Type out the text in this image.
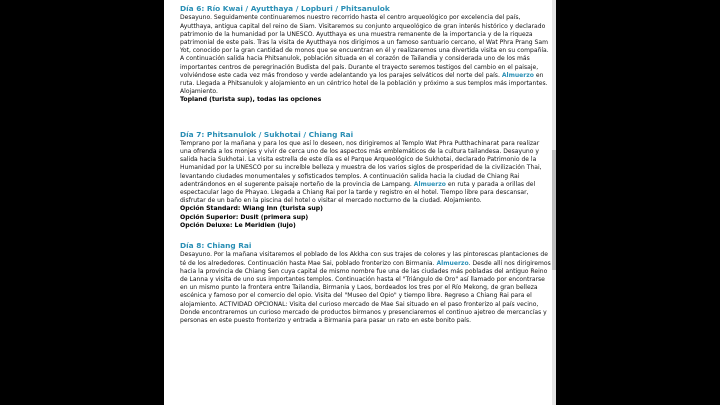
Día 6: Río Kwai / Ayutthaya / Lopburi / Phitsanulok

Desayuno. Seguidamente continuaremos nuestro recorrido hasta el centro arqueológico por excelencia del país, Ayutthaya, antigua capital del reino de Siam. Visitaremos su conjunto arqueológico de gran interés histórico y declarado patrimonio de la humanidad por la UNESCO. Ayutthaya es una muestra remanente de la importancia y de la riqueza patrimonial de este país. Tras la visita de Ayutthaya nos dirigimos a un famoso santuario cercano, el Wat Phra Prang Sam Yot, conocido por la gran cantidad de monos que se encuentran en él y realizaremos una divertida visita en su compañía. A continuación salida hacia Phitsanulok, población situada en el corazón de Tailandia y considerada uno de los más importantes centros de peregrinación Budista del país. Durante el trayecto seremos testigos del cambio en el paisaje, volviéndose este cada vez más frondoso y verde adelantando ya los parajes selváticos del norte del país. Almuerzo en ruta. Llegada a Phitsanulok y alojamiento en un céntrico hotel de la población y próximo a sus templos más importantes. Alojamiento.

Topland (turista sup), todas las opciones

Día 7: Phitsanulok / Sukhotai / Chiang Rai

Temprano por la mañana y para los que así lo deseen, nos dirigiremos al Templo Wat Phra Putthachinarat para realizar una ofrenda a los monjes y vivir de cerca uno de los aspectos más emblemáticos de la cultura tailandesa. Desayuno y salida hacia Sukhotai. La visita estrella de este día es el Parque Arqueológico de Sukhotai, declarado Patrimonio de la Humanidad por la UNESCO por su increíble belleza y muestra de los varios siglos de prosperidad de la civilización Thai, levantando ciudades monumentales y sofisticados templos. A continuación salida hacia la ciudad de Chiang Rai adentrándonos en el sugerente paisaje norteño de la provincia de Lampang. Almuerzo en ruta y parada a orillas del espectacular lago de Phayao. Llegada a Chiang Rai por la tarde y registro en el hotel. Tiempo libre para descansar, disfrutar de un baño en la piscina del hotel o visitar el mercado nocturno de la ciudad. Alojamiento.

Opción Standard: Wiang Inn (turista sup)

Opción Superior: Dusit (primera sup)

Opción Deluxe: Le Meridien (lujo)

Día 8: Chiang Rai

Desayuno. Por la mañana visitaremos el poblado de los Akkha con sus trajes de colores y las pintorescas plantaciones de té de los alrededores. Continuación hasta Mae Sai, poblado fronterizo con Birmania. Almuerzo. Desde allí nos dirigiremos hacia la provincia de Chiang Sen cuya capital de mismo nombre fue una de las ciudades más pobladas del antiguo Reino de Lanna y visita de uno sus importantes templos. Continuación hasta el "Triángulo de Oro" así llamado por encontrarse en un mismo punto la frontera entre Tailandia, Birmania y Laos, bordeados los tres por el Río Mekong, de gran belleza escénica y famoso por el comercio del opio. Visita del "Museo del Opio" y tiempo libre. Regreso a Chiang Rai para el alojamiento. ACTIVIDAD OPCIONAL: Visita del curioso mercado de Mae Sai situado en el paso fronterizo al país vecino, Donde encontraremos un curioso mercado de productos birmanos y presenciaremos el continuo ajetreo de mercancías y personas en este puesto fronterizo y entrada a Birmania para pasar un rato en este bonito país.
